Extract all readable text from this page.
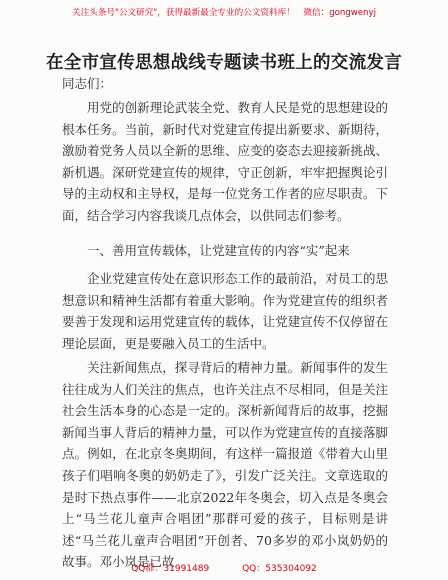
关注头条号"公文研究"，获得最新最全专业的公文资料库！　微信：gongwenyj
在全市宣传思想战线专题读书班上的交流发言
同志们：

用党的创新理论武装全党、教育人民是党的思想建设的根本任务。当前，新时代对党建宣传提出新要求、新期待，激励着党务人员以全新的思维、应变的姿态去迎接新挑战、新机遇。深研党建宣传的规律，守正创新，牢牢把握舆论引导的主动权和主导权，是每一位党务工作者的应尽职责。下面，结合学习内容我谈几点体会，以供同志们参考。

一、善用宣传载体，让党建宣传的内容“实”起来

企业党建宣传处在意识形态工作的最前沿，对员工的思想意识和精神生活都有着重大影响。作为党建宣传的组织者要善于发现和运用党建宣传的载体，让党建宣传不仅停留在理论层面，更是要融入员工的生活中。

关注新闻焦点，探寻背后的精神力量。新闻事件的发生往往成为人们关注的焦点，也许关注点不尽相同，但是关注社会生活本身的心态是一定的。深析新闻背后的故事，挖掘新闻当事人背后的精神力量，可以作为党建宣传的直接落脚点。例如，在北京冬奥期间，有这样一篇报道《带着大山里孩子们唱响冬奥的奶奶走了》，引发广泛关注。文章选取的是时下热点事件——北京2022年冬奥会，切入点是冬奥会上“马兰花儿童声合唱团”那群可爱的孩子，目标则是讲述“马兰花儿童声合唱团”开创者、70多岁的邓小岚奶奶的故事。邓小岚是已故

QQ群：31991489	QQ：535304092
